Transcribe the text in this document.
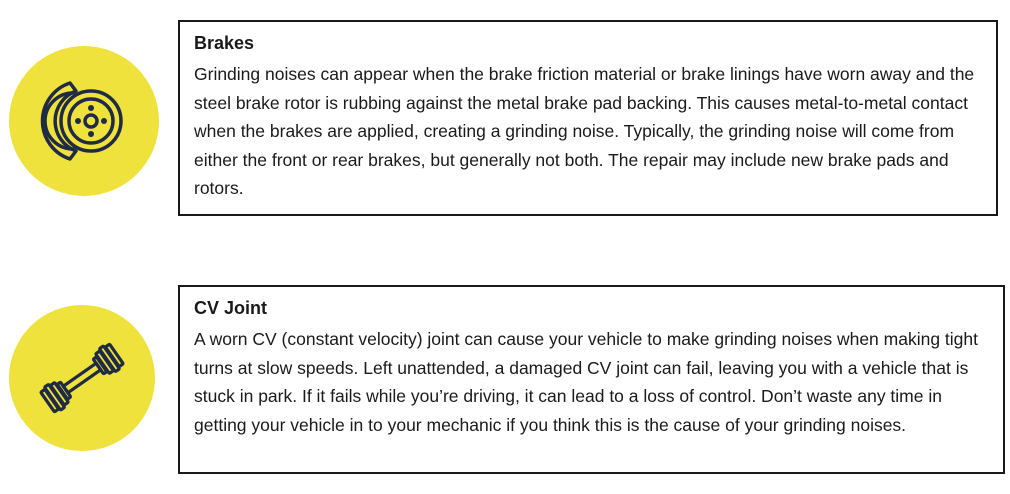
Brakes

Grinding noises can appear when the brake friction material or brake linings have worn away and the steel brake rotor is rubbing against the metal brake pad backing. This causes metal-to-metal contact when the brakes are applied, creating a grinding noise. Typically, the grinding noise will come from either the front or rear brakes, but generally not both. The repair may include new brake pads and rotors.

CV Joint

A worn CV (constant velocity) joint can cause your vehicle to make grinding noises when making tight turns at slow speeds. Left unattended, a damaged CV joint can fail, leaving you with a vehicle that is stuck in park. If it fails while you’re driving, it can lead to a loss of control. Don’t waste any time in getting your vehicle in to your mechanic if you think this is the cause of your grinding noises.
